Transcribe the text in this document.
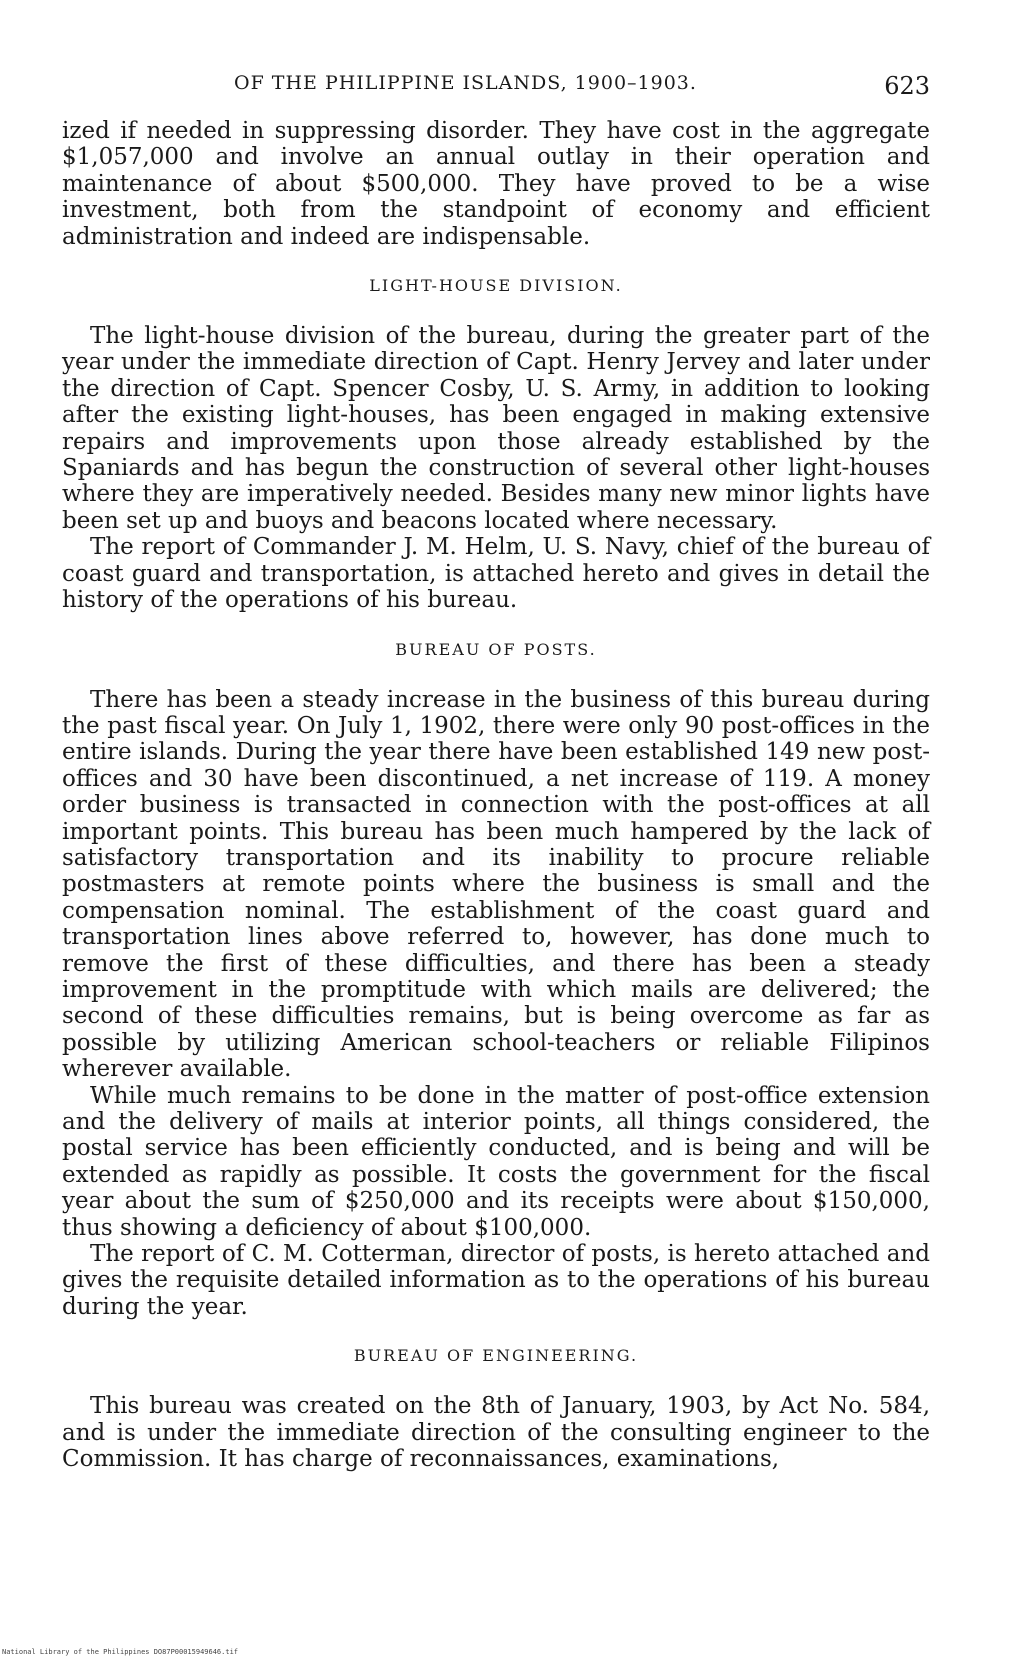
OF THE PHILIPPINE ISLANDS, 1900–1903.	623

ized if needed in suppressing disorder. They have cost in the aggregate $1,057,000 and involve an annual outlay in their operation and maintenance of about $500,000. They have proved to be a wise investment, both from the standpoint of economy and efficient administration and indeed are indispensable.

LIGHT-HOUSE DIVISION.

The light-house division of the bureau, during the greater part of the year under the immediate direction of Capt. Henry Jervey and later under the direction of Capt. Spencer Cosby, U. S. Army, in addition to looking after the existing light-houses, has been engaged in making extensive repairs and improvements upon those already established by the Spaniards and has begun the construction of several other light-houses where they are imperatively needed. Besides many new minor lights have been set up and buoys and beacons located where necessary.

The report of Commander J. M. Helm, U. S. Navy, chief of the bureau of coast guard and transportation, is attached hereto and gives in detail the history of the operations of his bureau.

BUREAU OF POSTS.

There has been a steady increase in the business of this bureau during the past fiscal year. On July 1, 1902, there were only 90 post-offices in the entire islands. During the year there have been established 149 new post-offices and 30 have been discontinued, a net increase of 119. A money order business is transacted in connection with the post-offices at all important points. This bureau has been much hampered by the lack of satisfactory transportation and its inability to procure reliable postmasters at remote points where the business is small and the compensation nominal. The establishment of the coast guard and transportation lines above referred to, however, has done much to remove the first of these difficulties, and there has been a steady improvement in the promptitude with which mails are delivered; the second of these difficulties remains, but is being overcome as far as possible by utilizing American school-teachers or reliable Filipinos wherever available.

While much remains to be done in the matter of post-office extension and the delivery of mails at interior points, all things considered, the postal service has been efficiently conducted, and is being and will be extended as rapidly as possible. It costs the government for the fiscal year about the sum of $250,000 and its receipts were about $150,000, thus showing a deficiency of about $100,000.

The report of C. M. Cotterman, director of posts, is hereto attached and gives the requisite detailed information as to the operations of his bureau during the year.

BUREAU OF ENGINEERING.

This bureau was created on the 8th of January, 1903, by Act No. 584, and is under the immediate direction of the consulting engineer to the Commission. It has charge of reconnaissances, examinations,

National Library of the Philippines DO87P00015949646.tif
